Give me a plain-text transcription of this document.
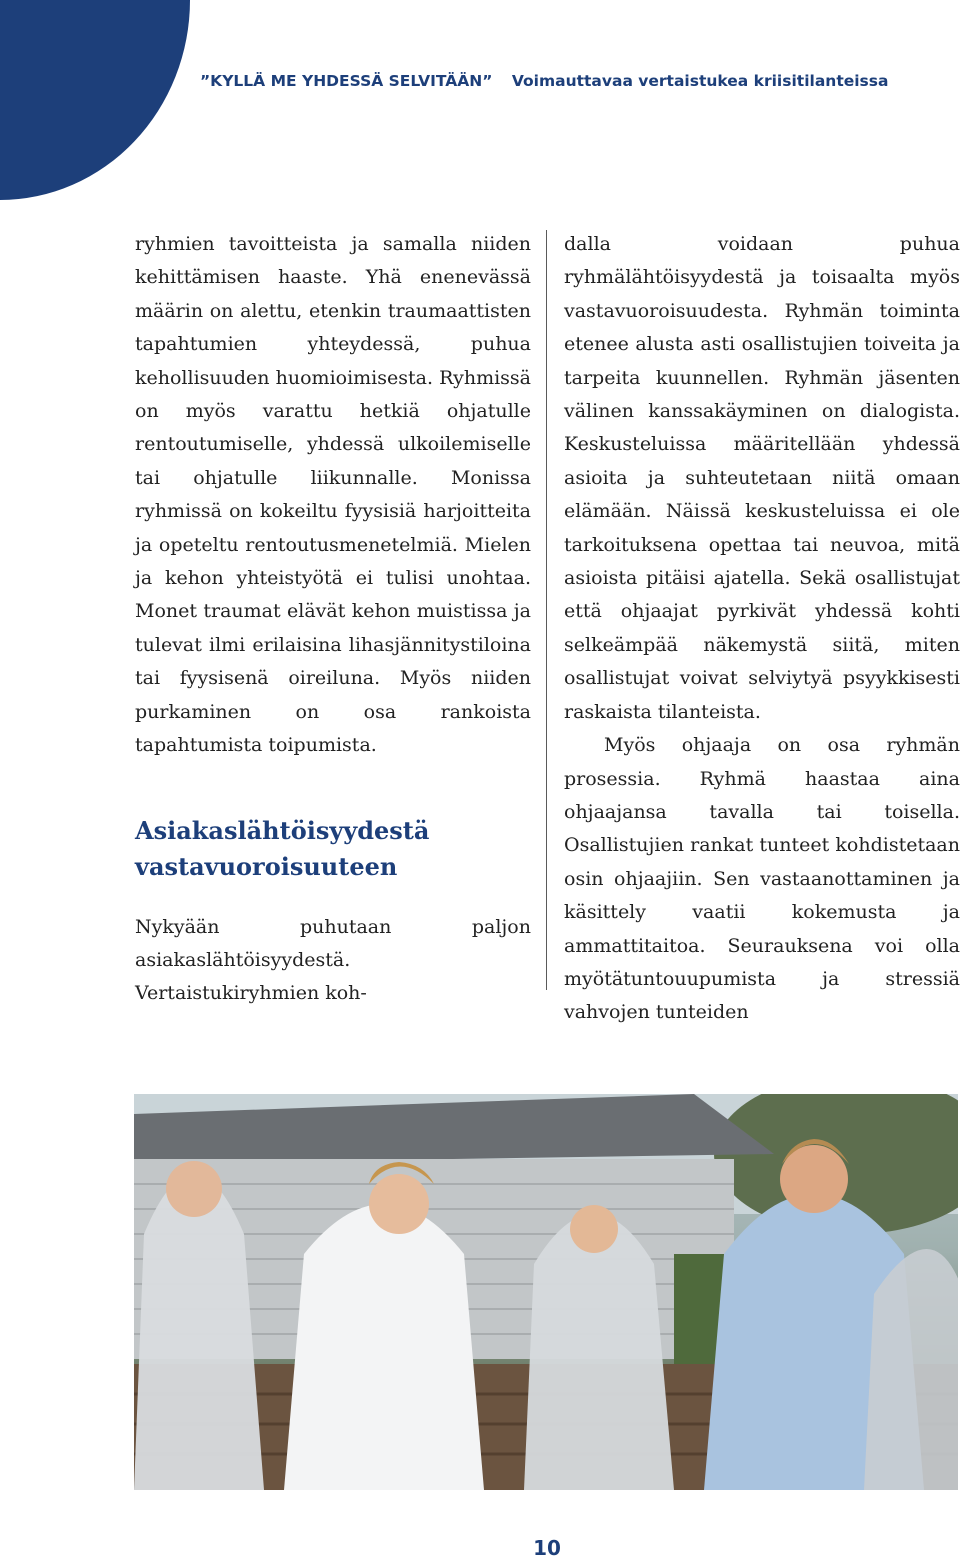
”KYLLÄ ME YHDESSÄ SELVITÄÄN” Voimauttavaa vertaistukea kriisitilanteissa

ryhmien tavoitteista ja samalla niiden kehittämisen haaste. Yhä enenevässä määrin on alettu, etenkin traumaattisten tapahtumien yhteydessä, puhua kehollisuuden huomioimisesta. Ryhmissä on myös varattu hetkiä ohjatulle rentoutumiselle, yhdessä ulkoilemiselle tai ohjatulle liikunnalle. Monissa ryhmissä on kokeiltu fyysisiä harjoitteita ja opeteltu rentoutusmenetelmiä. Mielen ja kehon yhteistyötä ei tulisi unohtaa. Monet traumat elävät kehon muistissa ja tulevat ilmi erilaisina lihasjännitystiloina tai fyysisenä oireiluna. Myös niiden purkaminen on osa rankoista tapahtumista toipumista.

Asiakaslähtöisyydestä
vastavuoroisuuteen

Nykyään puhutaan paljon asiakaslähtöisyydestä. Vertaistukiryhmien koh-

dalla voidaan puhua ryhmälähtöisyydestä ja toisaalta myös vastavuoroisuudesta. Ryhmän toiminta etenee alusta asti osallistujien toiveita ja tarpeita kuunnellen. Ryhmän jäsenten välinen kanssakäyminen on dialogista. Keskusteluissa määritellään yhdessä asioita ja suhteutetaan niitä omaan elämään. Näissä keskusteluissa ei ole tarkoituksena opettaa tai neuvoa, mitä asioista pitäisi ajatella. Sekä osallistujat että ohjaajat pyrkivät yhdessä kohti selkeämpää näkemystä siitä, miten osallistujat voivat selviytyä psyykkisesti raskaista tilanteista.

Myös ohjaaja on osa ryhmän prosessia. Ryhmä haastaa aina ohjaajansa tavalla tai toisella. Osallistujien rankat tunteet kohdistetaan osin ohjaajiin. Sen vastaanottaminen ja käsittely vaatii kokemusta ja ammattitaitoa. Seurauksena voi olla myötätuntouupumista ja stressiä vahvojen tunteiden

10
